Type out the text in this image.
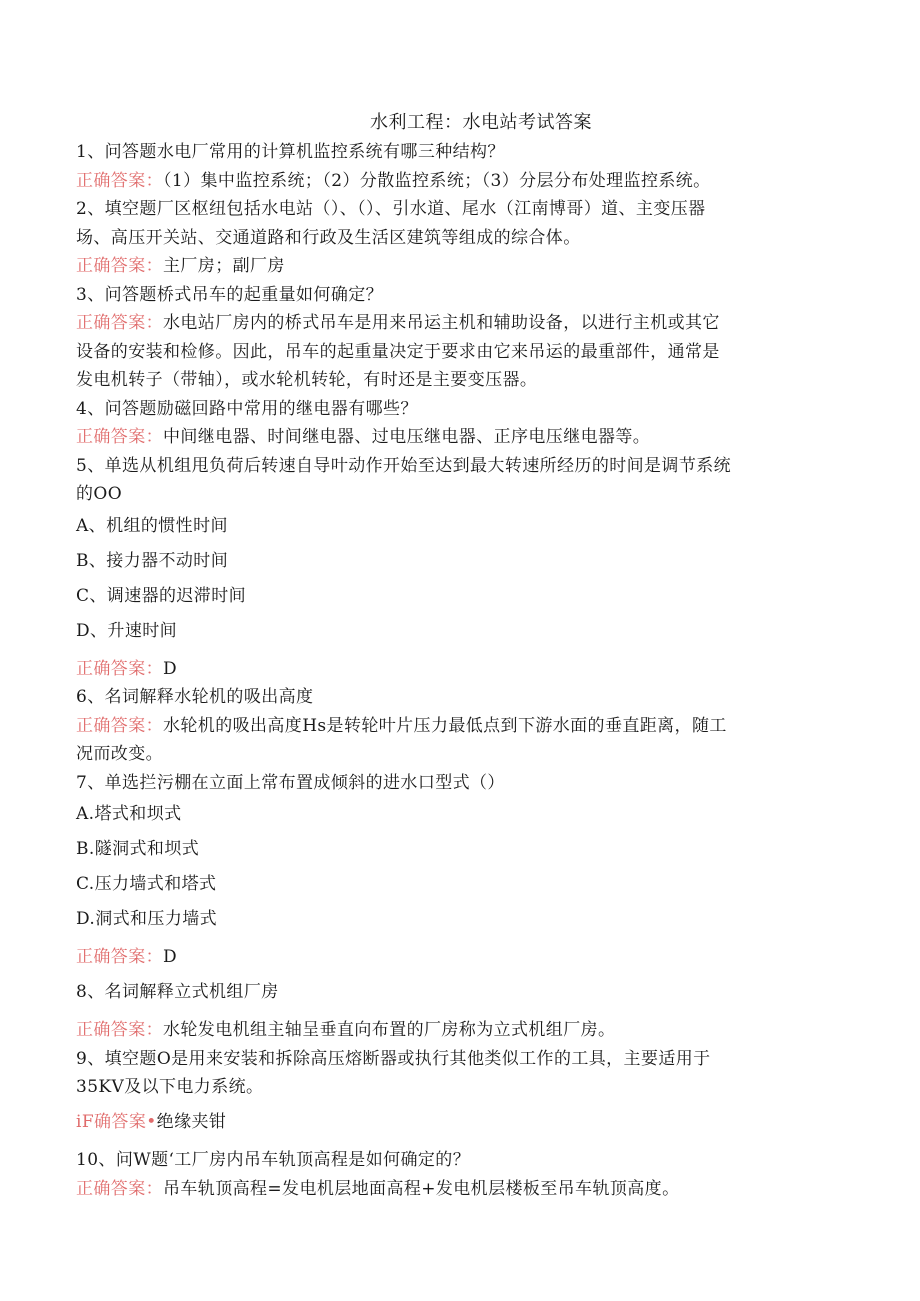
水利工程：水电站考试答案
1、问答题水电厂常用的计算机监控系统有哪三种结构？
正确答案：（1）集中监控系统；（2）分散监控系统；（3）分层分布处理监控系统。
2、填空题厂区枢纽包括水电站（）、（）、引水道、尾水（江南博哥）道、主变压器
场、高压开关站、交通道路和行政及生活区建筑等组成的综合体。
正确答案：主厂房；副厂房
3、问答题桥式吊车的起重量如何确定？
正确答案：水电站厂房内的桥式吊车是用来吊运主机和辅助设备，以进行主机或其它
设备的安装和检修。因此，吊车的起重量决定于要求由它来吊运的最重部件，通常是
发电机转子（带轴），或水轮机转轮，有时还是主要变压器。
4、问答题励磁回路中常用的继电器有哪些？
正确答案：中间继电器、时间继电器、过电压继电器、正序电压继电器等。
5、单选从机组甩负荷后转速自导叶动作开始至达到最大转速所经历的时间是调节系统
的OO
A、机组的惯性时间
B、接力器不动时间
C、调速器的迟滞时间
D、升速时间
正确答案：D
6、名词解释水轮机的吸出高度
正确答案：水轮机的吸出高度Hs是转轮叶片压力最低点到下游水面的垂直距离，随工
况而改变。
7、单选拦污棚在立面上常布置成倾斜的进水口型式（）
A.塔式和坝式
B.隧洞式和坝式
C.压力墙式和塔式
D.洞式和压力墙式
正确答案：D
8、名词解释立式机组厂房
正确答案：水轮发电机组主轴呈垂直向布置的厂房称为立式机组厂房。
9、填空题O是用来安装和拆除高压熔断器或执行其他类似工作的工具，主要适用于
35KV及以下电力系统。
iF确答案•绝缘夹钳
10、问W题‘工厂房内吊车轨顶高程是如何确定的？
正确答案：吊车轨顶高程=发电机层地面高程+发电机层楼板至吊车轨顶高度。
